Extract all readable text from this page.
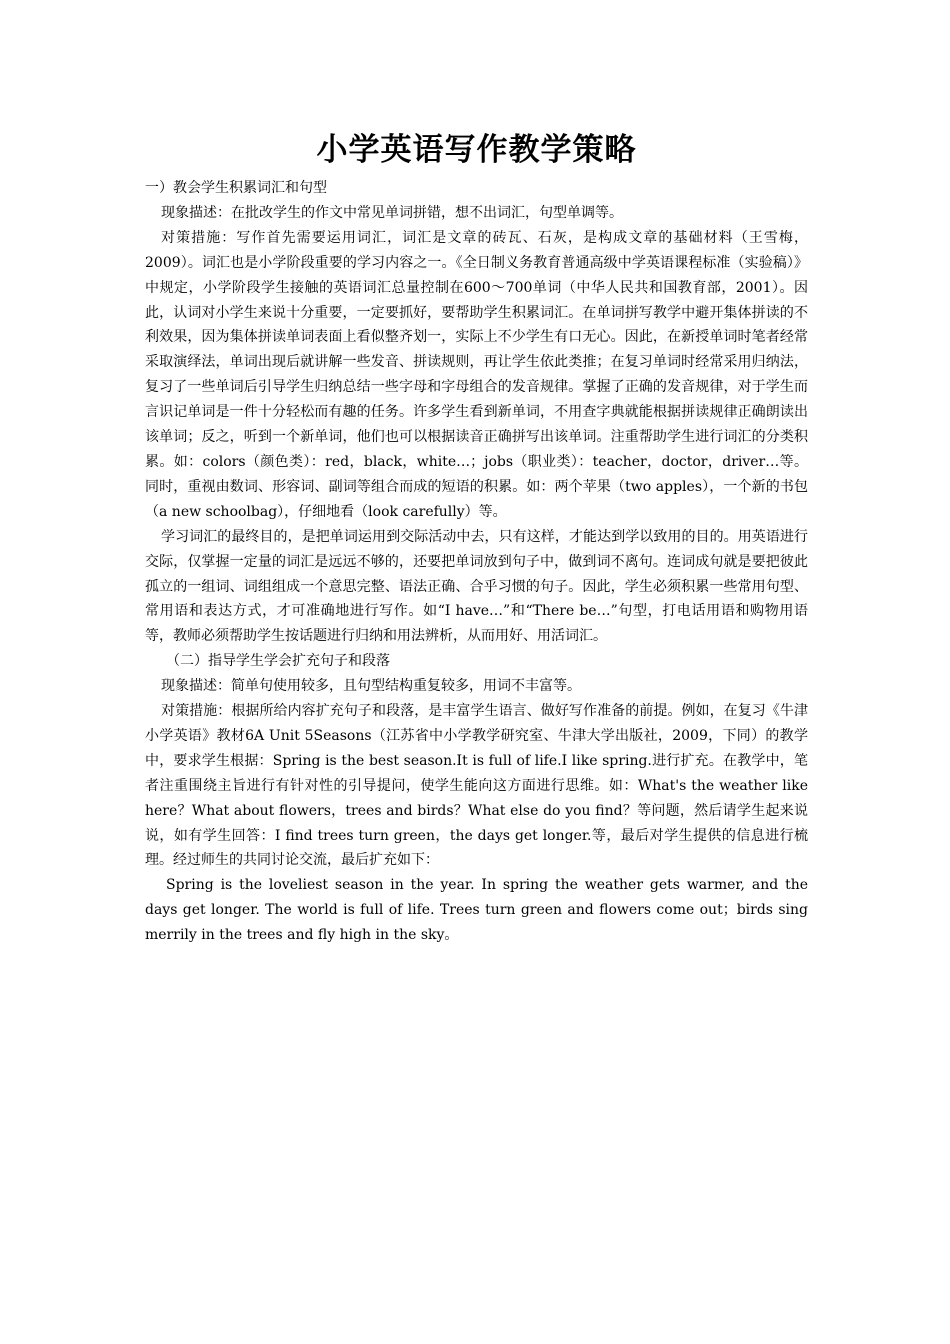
小学英语写作教学策略

一）教会学生积累词汇和句型

现象描述：在批改学生的作文中常见单词拼错，想不出词汇，句型单调等。

对策措施：写作首先需要运用词汇，词汇是文章的砖瓦、石灰，是构成文章的基础材料（王雪梅，2009）。词汇也是小学阶段重要的学习内容之一。《全日制义务教育普通高级中学英语课程标准（实验稿）》中规定，小学阶段学生接触的英语词汇总量控制在600～700单词（中华人民共和国教育部，2001）。因此，认词对小学生来说十分重要，一定要抓好，要帮助学生积累词汇。在单词拼写教学中避开集体拼读的不利效果，因为集体拼读单词表面上看似整齐划一，实际上不少学生有口无心。因此，在新授单词时笔者经常采取演绎法，单词出现后就讲解一些发音、拼读规则，再让学生依此类推；在复习单词时经常采用归纳法，复习了一些单词后引导学生归纳总结一些字母和字母组合的发音规律。掌握了正确的发音规律，对于学生而言识记单词是一件十分轻松而有趣的任务。许多学生看到新单词，不用查字典就能根据拼读规律正确朗读出该单词；反之，听到一个新单词，他们也可以根据读音正确拼写出该单词。注重帮助学生进行词汇的分类积累。如：colors（颜色类）：red，black，white…；jobs（职业类）：teacher，doctor，driver…等。同时，重视由数词、形容词、副词等组合而成的短语的积累。如：两个苹果（two apples），一个新的书包（a new schoolbag），仔细地看（look carefully）等。

学习词汇的最终目的，是把单词运用到交际活动中去，只有这样，才能达到学以致用的目的。用英语进行交际，仅掌握一定量的词汇是远远不够的，还要把单词放到句子中，做到词不离句。连词成句就是要把彼此孤立的一组词、词组组成一个意思完整、语法正确、合乎习惯的句子。因此，学生必须积累一些常用句型、常用语和表达方式，才可准确地进行写作。如“I have…”和“There be…”句型，打电话用语和购物用语等，教师必须帮助学生按话题进行归纳和用法辨析，从而用好、用活词汇。

（二）指导学生学会扩充句子和段落

现象描述：简单句使用较多，且句型结构重复较多，用词不丰富等。

对策措施：根据所给内容扩充句子和段落，是丰富学生语言、做好写作准备的前提。例如，在复习《牛津小学英语》教材6A Unit 5Seasons（江苏省中小学教学研究室、牛津大学出版社，2009，下同）的教学中，要求学生根据：Spring is the best season.It is full of life.I like spring.进行扩充。在教学中，笔者注重围绕主旨进行有针对性的引导提问，使学生能向这方面进行思维。如：What's the weather like here？What about flowers，trees and birds？What else do you find？等问题，然后请学生起来说说，如有学生回答：I find trees turn green，the days get longer.等，最后对学生提供的信息进行梳理。经过师生的共同讨论交流，最后扩充如下：

Spring is the loveliest season in the year. In spring the weather gets warmer, and the days get longer. The world is full of life. Trees turn green and flowers come out；birds sing merrily in the trees and fly high in the sky。
